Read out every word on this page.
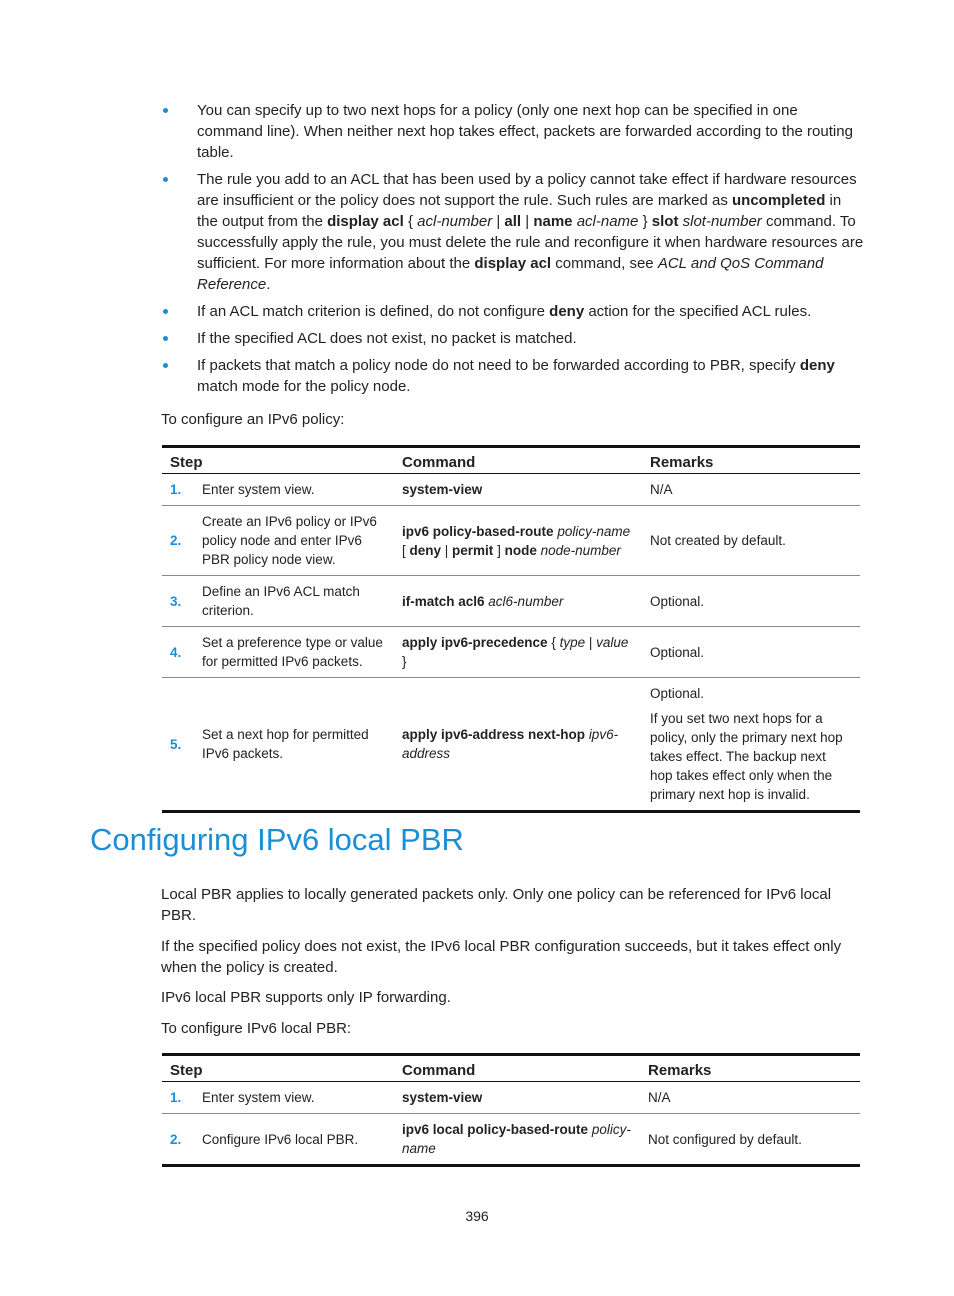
You can specify up to two next hops for a policy (only one next hop can be specified in one command line). When neither next hop takes effect, packets are forwarded according to the routing table.
The rule you add to an ACL that has been used by a policy cannot take effect if hardware resources are insufficient or the policy does not support the rule. Such rules are marked as uncompleted in the output from the display acl { acl-number | all | name acl-name } slot slot-number command. To successfully apply the rule, you must delete the rule and reconfigure it when hardware resources are sufficient. For more information about the display acl command, see ACL and QoS Command Reference.
If an ACL match criterion is defined, do not configure deny action for the specified ACL rules.
If the specified ACL does not exist, no packet is matched.
If packets that match a policy node do not need to be forwarded according to PBR, specify deny match mode for the policy node.

To configure an IPv6 policy:

Step		Command	Remarks
1.	Enter system view.	system-view	N/A

2.	Create an IPv6 policy or IPv6 policy node and enter IPv6 PBR policy node view.	ipv6 policy-based-route policy-name [ deny | permit ] node node-number	Not created by default.

3.	Define an IPv6 ACL match criterion.	if-match acl6 acl6-number	Optional.

4.	Set a preference type or value for permitted IPv6 packets.	apply ipv6-precedence { type | value }	Optional.

5.	Set a next hop for permitted IPv6 packets.	apply ipv6-address next-hop ipv6-address	Optional.
If you set two next hops for a policy, only the primary next hop takes effect. The backup next hop takes effect only when the primary next hop is invalid.
Configuring IPv6 local PBR

Local PBR applies to locally generated packets only. Only one policy can be referenced for IPv6 local PBR.

If the specified policy does not exist, the IPv6 local PBR configuration succeeds, but it takes effect only when the policy is created.

IPv6 local PBR supports only IP forwarding.

To configure IPv6 local PBR:

Step		Command	Remarks
1.	Enter system view.	system-view	N/A

2.	Configure IPv6 local PBR.	ipv6 local policy-based-route policy-name	Not configured by default.
396
